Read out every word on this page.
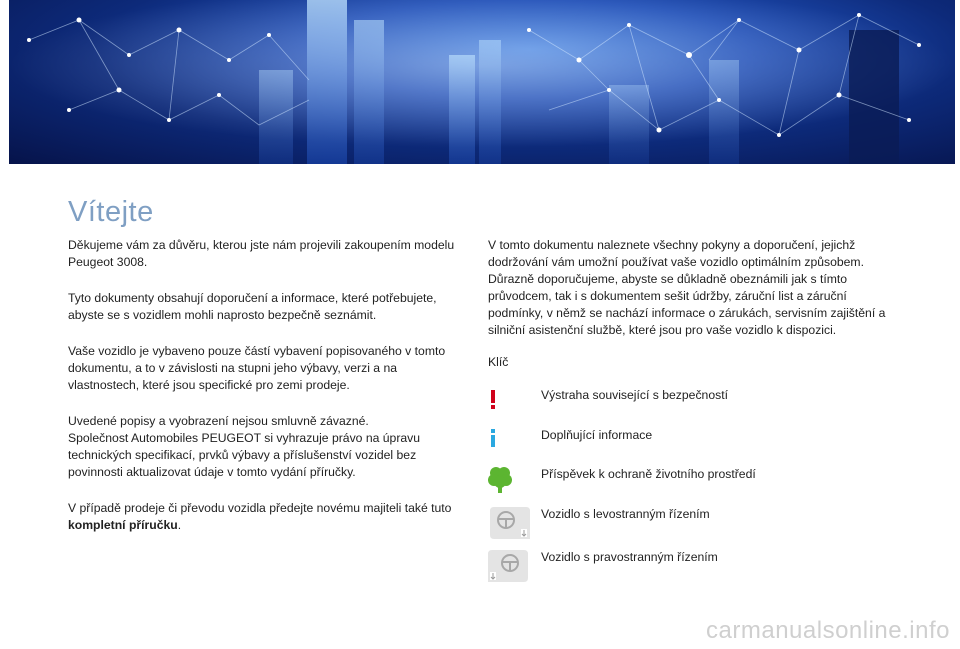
Vítejte

Děkujeme vám za důvěru, kterou jste nám projevili zakoupením modelu Peugeot 3008.

Tyto dokumenty obsahují doporučení a informace, které potřebujete, abyste se s vozidlem mohli naprosto bezpečně seznámit.

Vaše vozidlo je vybaveno pouze částí vybavení popisovaného v tomto dokumentu, a to v závislosti na stupni jeho výbavy, verzi a na vlastnostech, které jsou specifické pro zemi prodeje.

Uvedené popisy a vyobrazení nejsou smluvně závazné.

Společnost Automobiles PEUGEOT si vyhrazuje právo na úpravu technických specifikací, prvků výbavy a příslušenství vozidel bez povinnosti aktualizovat údaje v tomto vydání příručky.

V případě prodeje či převodu vozidla předejte novému majiteli také tuto kompletní příručku.

V tomto dokumentu naleznete všechny pokyny a doporučení, jejichž dodržování vám umožní používat vaše vozidlo optimálním způsobem. Důrazně doporučujeme, abyste se důkladně obeznámili jak s tímto průvodcem, tak i s dokumentem sešit údržby, záruční list a záruční podmínky, v němž se nachází informace o zárukách, servisním zajištění a silniční asistenční službě, které jsou pro vaše vozidlo k dispozici.

Klíč

Výstraha související s bezpečností

Doplňující informace

Příspěvek k ochraně životního prostředí

Vozidlo s levostranným řízením

Vozidlo s pravostranným řízením

carmanualsonline.info
